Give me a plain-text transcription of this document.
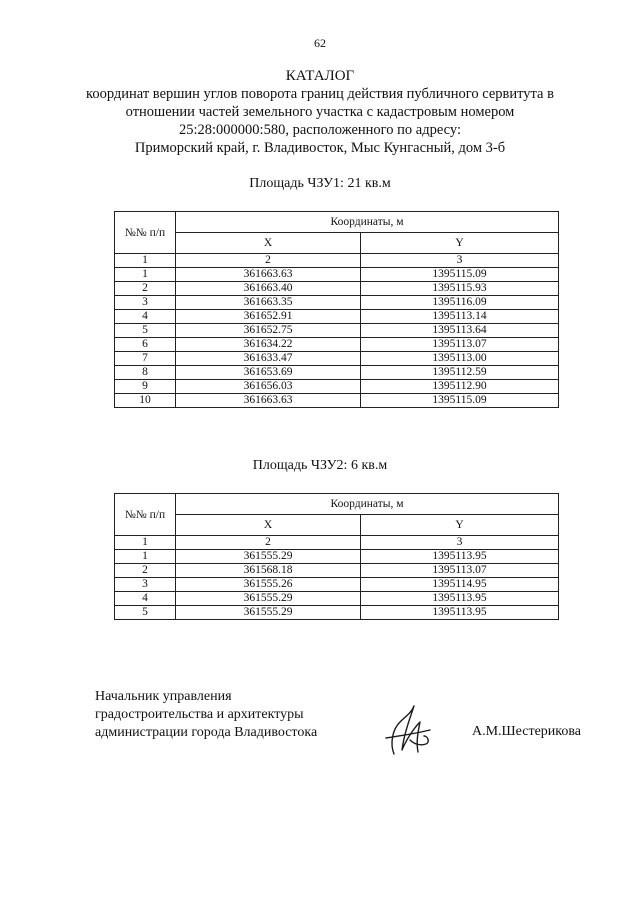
62
КАТАЛОГ
координат вершин углов поворота границ действия публичного сервитута в
отношении частей земельного участка с кадастровым номером
25:28:000000:580, расположенного по адресу:
Приморский край, г. Владивосток, Мыс Кунгасный, дом 3-б
Площадь ЧЗУ1: 21 кв.м
№№ п/п	Координаты, м	
	X	Y
1	2	3
1	361663.63	1395115.09
2	361663.40	1395115.93
3	361663.35	1395116.09
4	361652.91	1395113.14
5	361652.75	1395113.64
6	361634.22	1395113.07
7	361633.47	1395113.00
8	361653.69	1395112.59
9	361656.03	1395112.90
10	361663.63	1395115.09
Площадь ЧЗУ2: 6 кв.м
№№ п/п	Координаты, м	
	X	Y
1	2	3
1	361555.29	1395113.95
2	361568.18	1395113.07
3	361555.26	1395114.95
4	361555.29	1395113.95
5	361555.29	1395113.95
Начальник управления
градостроительства и архитектуры
администрации города Владивостока	А.М.Шестерикова
